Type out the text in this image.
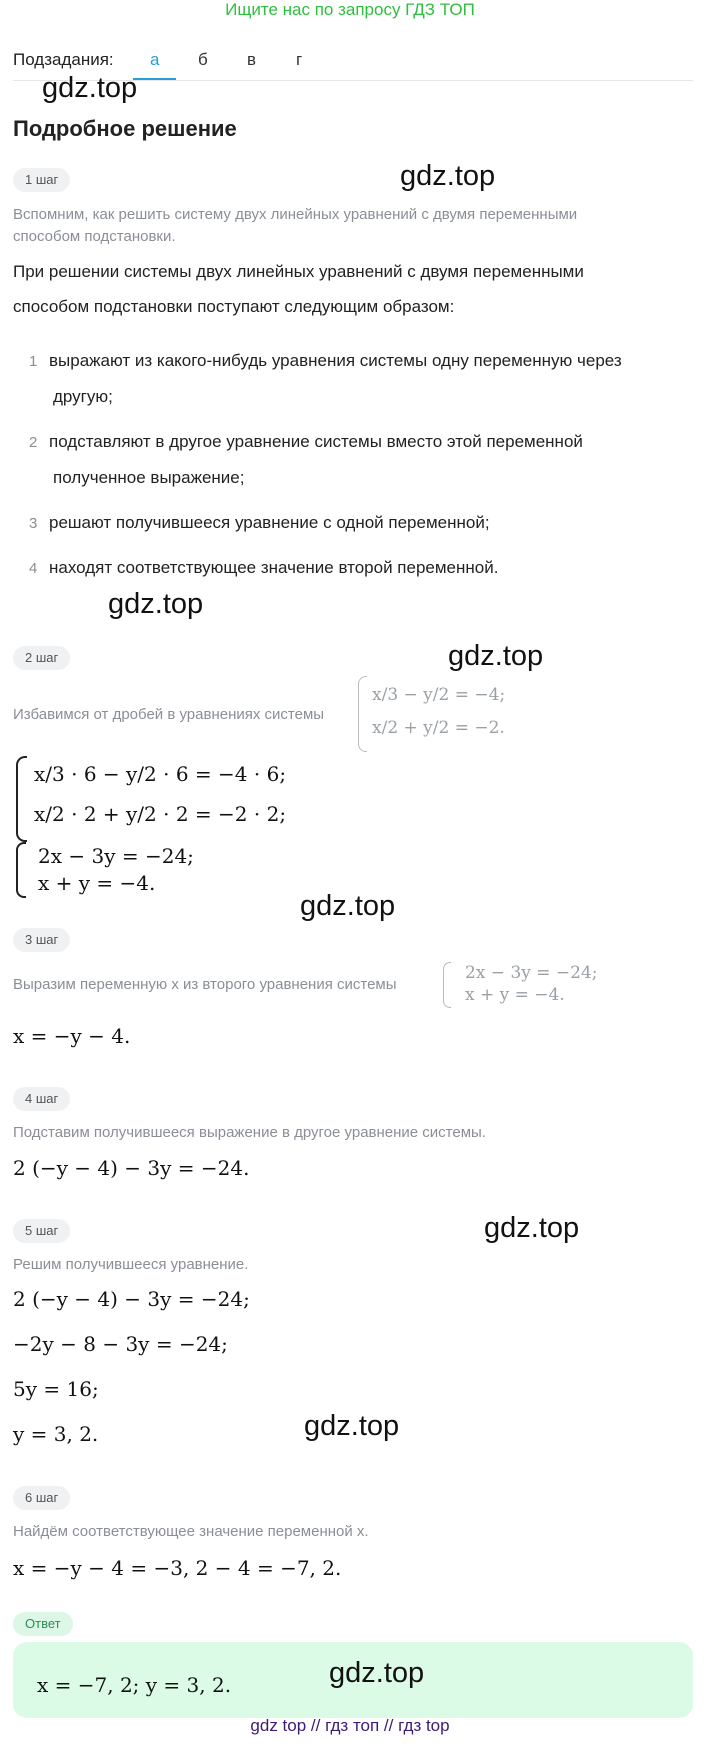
Ищите нас по запросу ГДЗ ТОП
Подзадания: а б в г
gdz.top
gdz.top
gdz.top
gdz.top
gdz.top
gdz.top
gdz.top
gdz.top
Подробное решение
1 шаг
Вспомним, как решить систему двух линейных уравнений с двумя переменными
способом подстановки.
При решении системы двух линейных уравнений с двумя переменными
способом подстановки поступают следующим образом:
1 выражают из какого-нибудь уравнения системы одну переменную через
другую;
2 подставляют в другое уравнение системы вместо этой переменной
полученное выражение;
3 решают получившееся уравнение с одной переменной;
4 находят соответствующее значение второй переменной.
2 шаг
Избавимся от дробей в уравнениях системы
x/3 − y/2 = −4;
x/2 + y/2 = −2.
x/3 · 6 − y/2 · 6 = −4 · 6;
x/2 · 2 + y/2 · 2 = −2 · 2;
2x − 3y = −24;
x + y = −4.
3 шаг
Выразим переменную x из второго уравнения системы
2x − 3y = −24;
x + y = −4.
x = −y − 4.
4 шаг
Подставим получившееся выражение в другое уравнение системы.
2 (−y − 4) − 3y = −24.
5 шаг
Решим получившееся уравнение.
2 (−y − 4) − 3y = −24;
−2y − 8 − 3y = −24;
5y = 16;
y = 3, 2.
6 шаг
Найдём соответствующее значение переменной x.
x = −y − 4 = −3, 2 − 4 = −7, 2.
Ответ
x = −7, 2; y = 3, 2.
gdz top // гдз топ // гдз top
